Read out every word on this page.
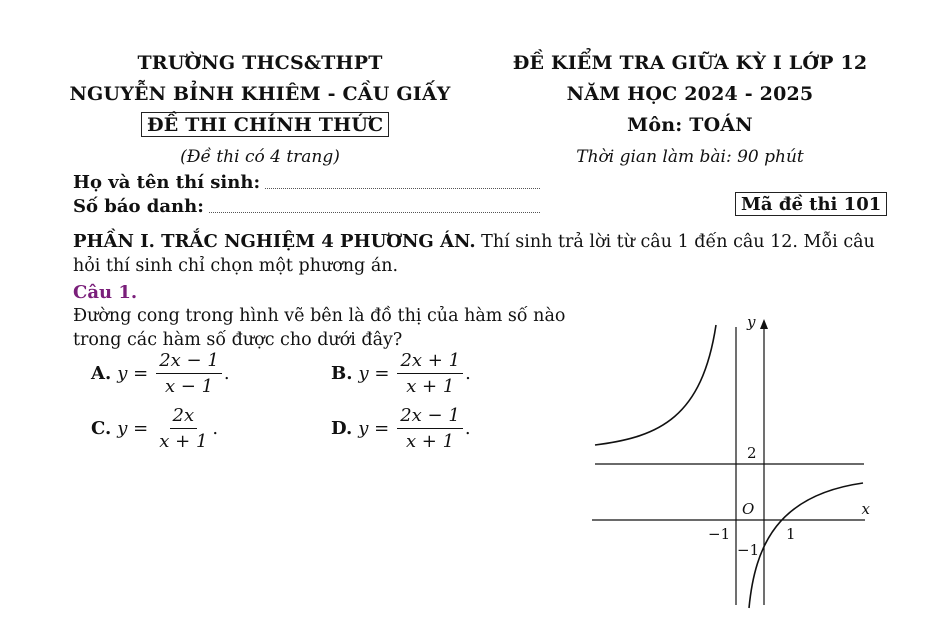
TRƯỜNG THCS&THPT
NGUYỄN BỈNH KHIÊM - CẦU GIẤY
ĐỀ THI CHÍNH THỨC
(Đề thi có 4 trang)
ĐỀ KIỂM TRA GIỮA KỲ I LỚP 12
NĂM HỌC 2024 - 2025
Môn: TOÁN
Thời gian làm bài: 90 phút
Họ và tên thí sinh:
Số báo danh:	Mã đề thi 101
PHẦN I. TRẮC NGHIỆM 4 PHƯƠNG ÁN. Thí sinh trả lời từ câu 1 đến câu 12. Mỗi câu
hỏi thí sinh chỉ chọn một phương án.
Câu 1.
Đường cong trong hình vẽ bên là đồ thị của hàm số nào
trong các hàm số được cho dưới đây?
A. $y = \frac{2x - 1}{x - 1}$ .	B. $y = \frac{2x + 1}{x + 1}$ .
C. $y = \frac{2x}{x + 1}$ .	D. $y = \frac{2x - 1}{x + 1}$ .
y
x
O
2
−1	1
−1
